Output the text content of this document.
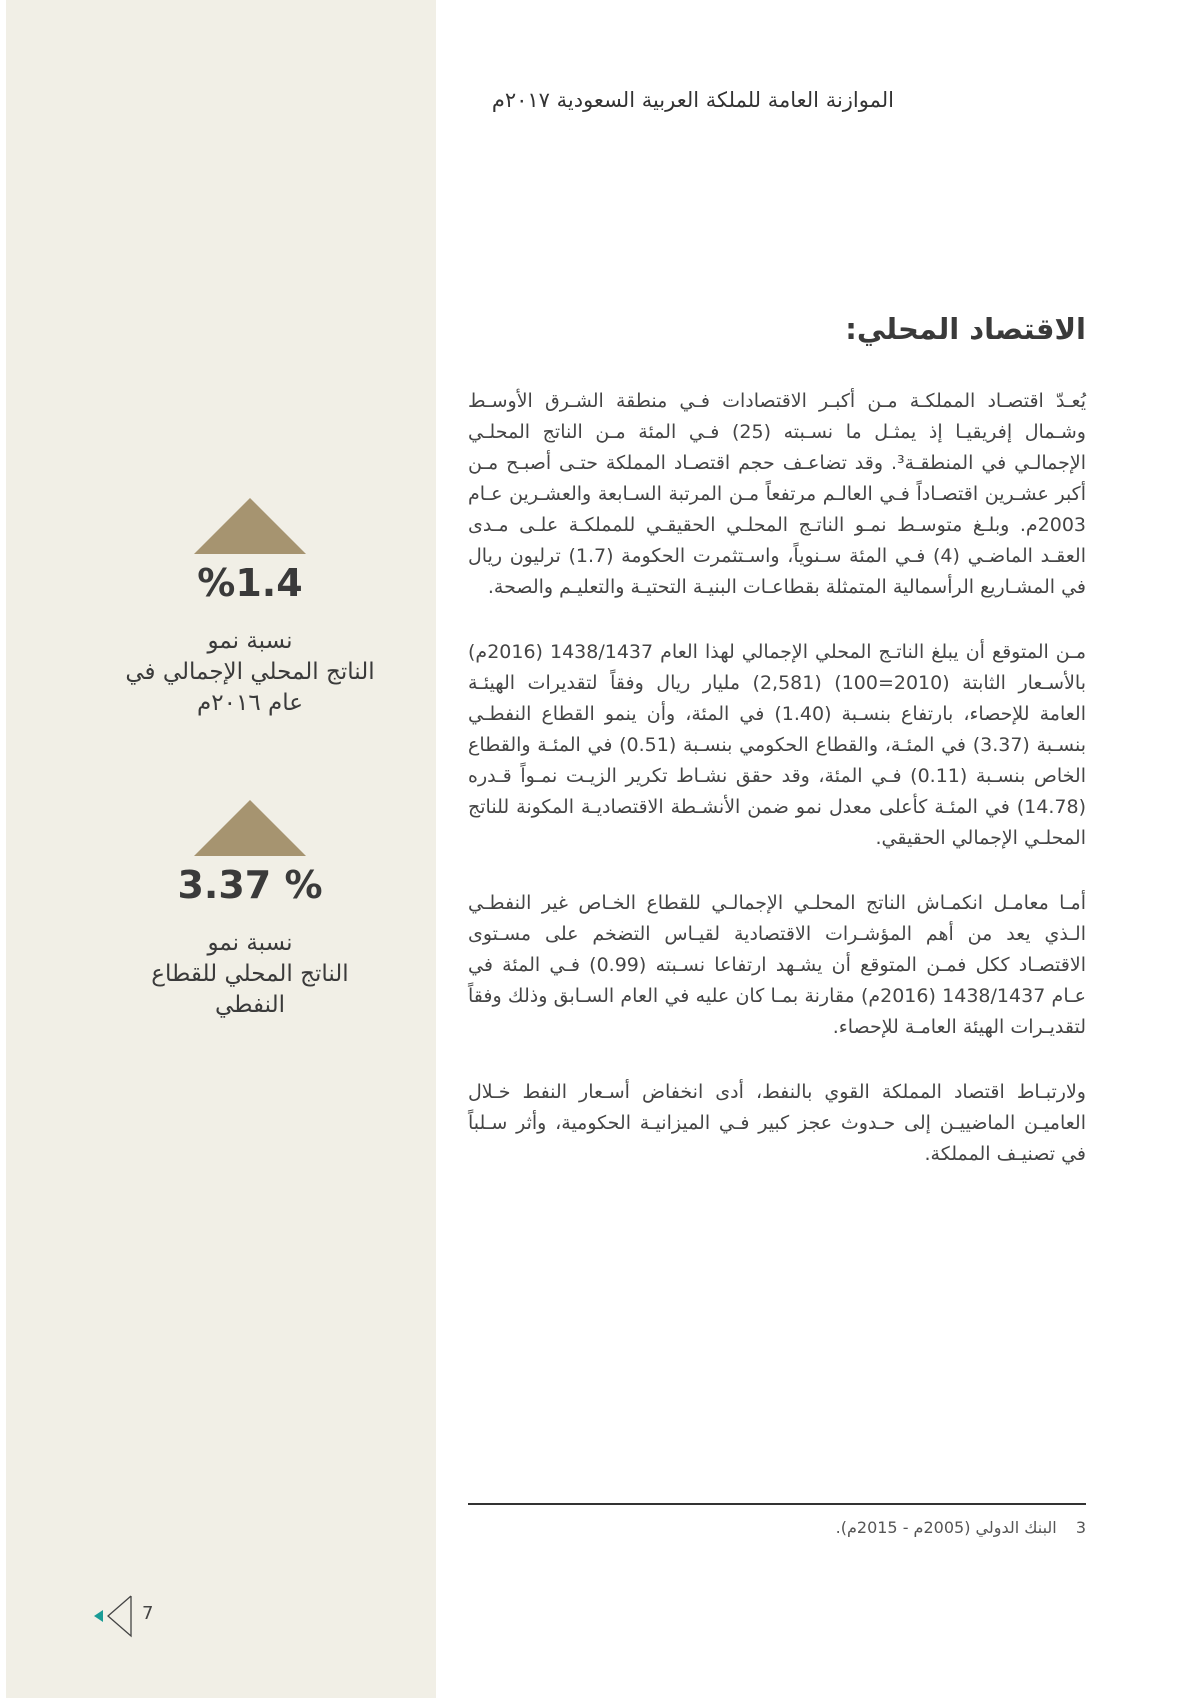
الموازنة العامة للملكة العربية السعودية ٢٠١٧م
الاقتصاد المحلي:

يُعـدّ اقتصـاد المملكـة مـن أكبـر الاقتصادات فـي منطقة الشـرق الأوسـط وشـمال إفريقيـا إذ يمثـل ما نسـبته (25) فـي المئة مـن الناتج المحلـي الإجمالـي في المنطقـة³. وقد تضاعـف حجم اقتصـاد المملكة حتـى أصبـح مـن أكبر عشـرين اقتصـاداً فـي العالـم مرتفعاً مـن المرتبة السـابعة والعشـرين عـام 2003م. وبلـغ متوسـط نمـو الناتـج المحلـي الحقيقـي للمملكـة علـى مـدى العقـد الماضـي (4) فـي المئة سـنوياً، واسـتثمرت الحكومة (1.7) ترليون ريال في المشـاريع الرأسمالية المتمثلة بقطاعـات البنيـة التحتيـة والتعليـم والصحة.

مـن المتوقع أن يبلغ الناتـج المحلي الإجمالي لهذا العام 1438/1437 (2016م) بالأسـعار الثابتة (2010=100) (2,581) مليار ريال وفقاً لتقديرات الهيئـة العامة للإحصاء، بارتفاع بنسـبة (1.40) في المئة، وأن ينمو القطاع النفطـي بنسـبة (3.37) في المئـة، والقطاع الحكومي بنسـبة (0.51) في المئـة والقطاع الخاص بنسـبة (0.11) فـي المئة، وقد حقق نشـاط تكرير الزيـت نمـواً قـدره (14.78) في المئـة كأعلى معدل نمو ضمن الأنشـطة الاقتصاديـة المكونة للناتج المحلـي الإجمالي الحقيقي.

أمـا معامـل انكمـاش الناتج المحلـي الإجمالـي للقطاع الخـاص غير النفطـي الـذي يعد من أهم المؤشـرات الاقتصادية لقيـاس التضخم على مسـتوى الاقتصـاد ككل فمـن المتوقع أن يشـهد ارتفاعا نسـبته (0.99) فـي المئة في عـام 1438/1437 (2016م) مقارنة بمـا كان عليه في العام السـابق وذلك وفقاً لتقديـرات الهيئة العامـة للإحصاء.

ولارتبـاط اقتصاد المملكة القوي بالنفط، أدى انخفاض أسـعار النفط خـلال العاميـن الماضييـن إلى حـدوث عجز كبير فـي الميزانيـة الحكومية، وأثر سـلباً في تصنيـف المملكة.

%1.4
نسبة نمو
الناتج المحلي الإجمالي في
عام ٢٠١٦م
% 3.37
نسبة نمو
الناتج المحلي للقطاع
النفطي
3 البنك الدولي (2005م - 2015م).
7
